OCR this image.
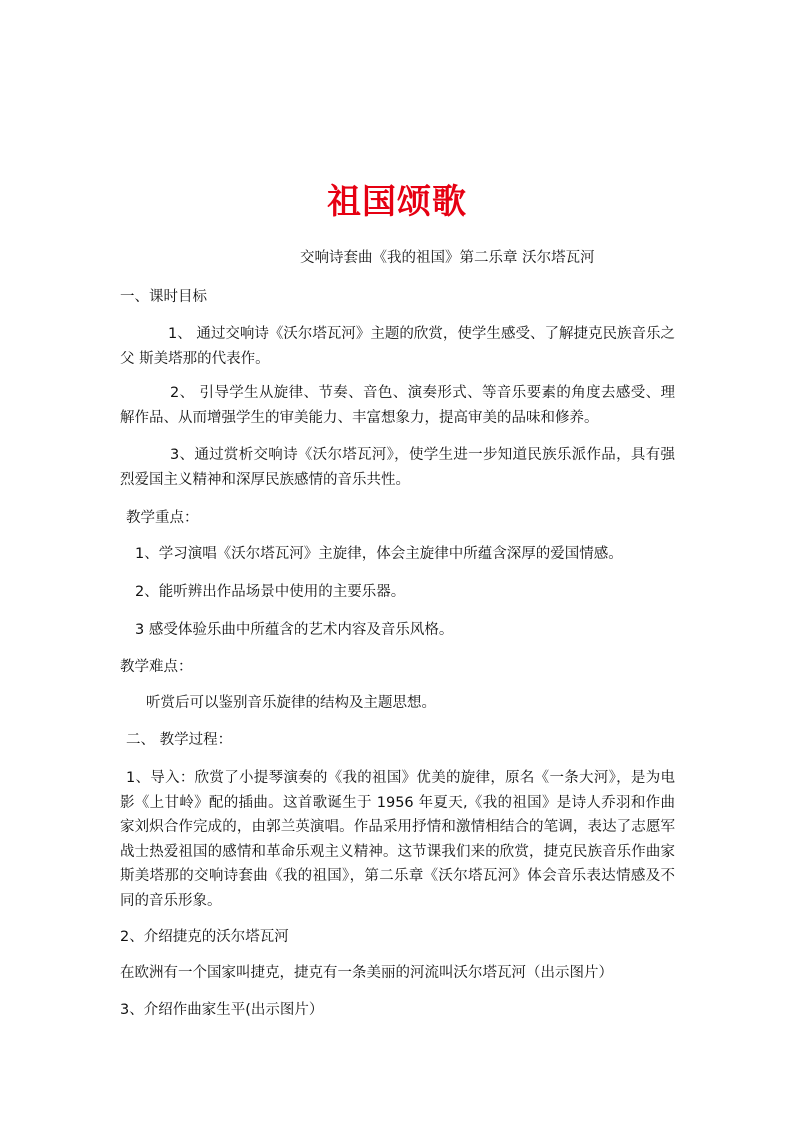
祖国颂歌
交响诗套曲《我的祖国》第二乐章 沃尔塔瓦河
一、课时目标
1、 通过交响诗《沃尔塔瓦河》主题的欣赏，使学生感受、了解捷克民族音乐之父 斯美塔那的代表作。
2、 引导学生从旋律、节奏、音色、演奏形式、等音乐要素的角度去感受、理解作品、从而增强学生的审美能力、丰富想象力，提高审美的品味和修养。
3、通过赏析交响诗《沃尔塔瓦河》，使学生进一步知道民族乐派作品，具有强烈爱国主义精神和深厚民族感情的音乐共性。
教学重点：
1、学习演唱《沃尔塔瓦河》主旋律，体会主旋律中所蕴含深厚的爱国情感。
2、能听辨出作品场景中使用的主要乐器。
3 感受体验乐曲中所蕴含的艺术内容及音乐风格。
教学难点：
听赏后可以鉴别音乐旋律的结构及主题思想。
二、 教学过程：
1、导入：欣赏了小提琴演奏的《我的祖国》优美的旋律，原名《一条大河》，是为电影《上甘岭》配的插曲。这首歌诞生于 1956 年夏天,《我的祖国》是诗人乔羽和作曲家刘炽合作完成的，由郭兰英演唱。作品采用抒情和激情相结合的笔调，表达了志愿军战士热爱祖国的感情和革命乐观主义精神。这节课我们来的欣赏，捷克民族音乐作曲家斯美塔那的交响诗套曲《我的祖国》，第二乐章《沃尔塔瓦河》体会音乐表达情感及不同的音乐形象。
2、介绍捷克的沃尔塔瓦河
在欧洲有一个国家叫捷克，捷克有一条美丽的河流叫沃尔塔瓦河（出示图片）
3、介绍作曲家生平(出示图片）
